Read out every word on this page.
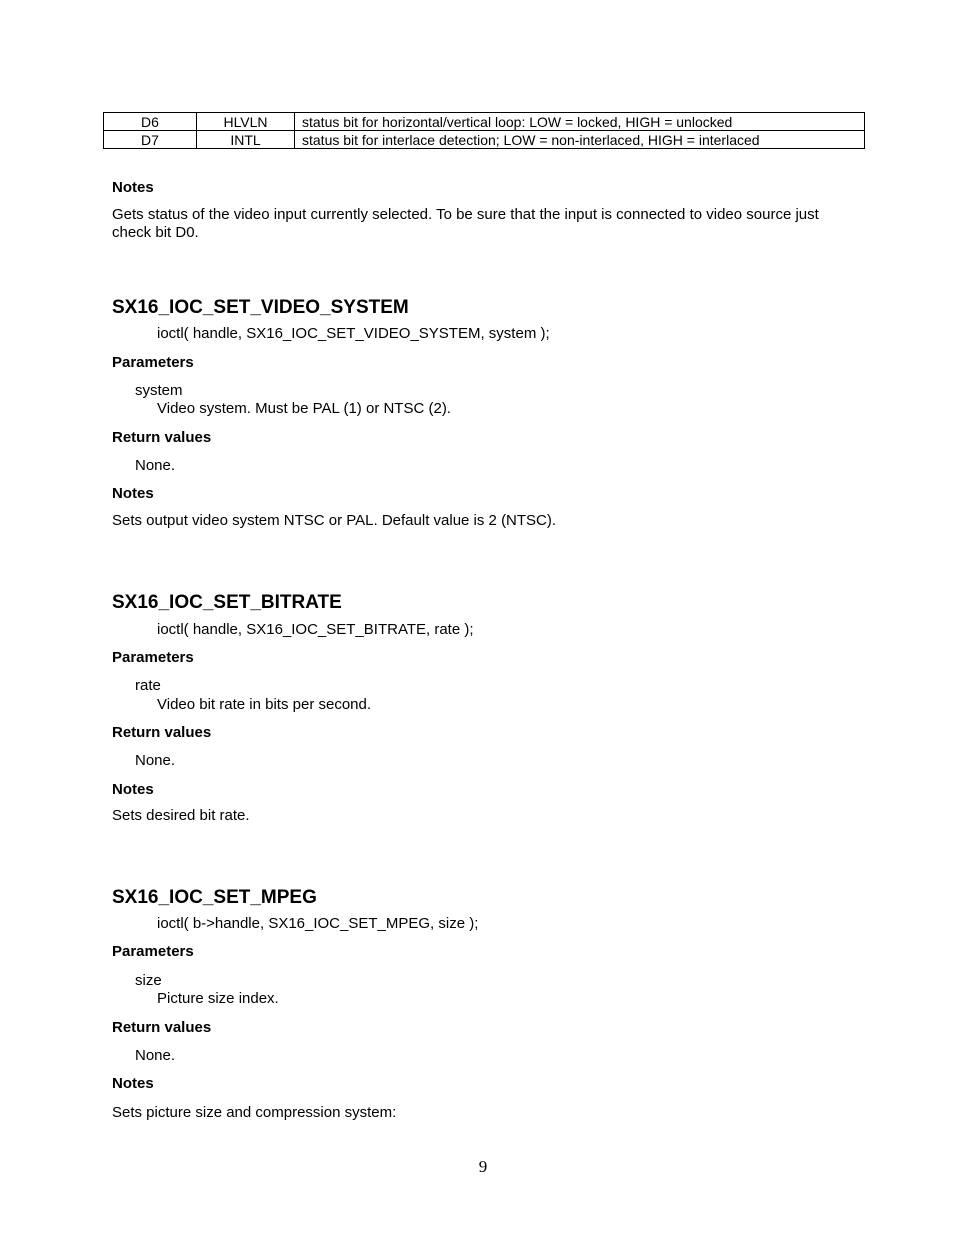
D6	HLVLN	status bit for horizontal/vertical loop: LOW = locked, HIGH = unlocked
D7	INTL	status bit for interlace detection; LOW = non-interlaced, HIGH = interlaced
Notes
Gets status of the video input currently selected. To be sure that the input is connected to video source just check bit D0.
SX16_IOC_SET_VIDEO_SYSTEM
ioctl( handle, SX16_IOC_SET_VIDEO_SYSTEM, system );
Parameters
system
Video system. Must be PAL (1) or NTSC (2).
Return values
None.
Notes
Sets output video system NTSC or PAL. Default value is 2 (NTSC).
SX16_IOC_SET_BITRATE
ioctl( handle, SX16_IOC_SET_BITRATE, rate );
Parameters
rate
Video bit rate in bits per second.
Return values
None.
Notes
Sets desired bit rate.
SX16_IOC_SET_MPEG
ioctl( b->handle, SX16_IOC_SET_MPEG, size );
Parameters
size
Picture size index.
Return values
None.
Notes
Sets picture size and compression system:
9
